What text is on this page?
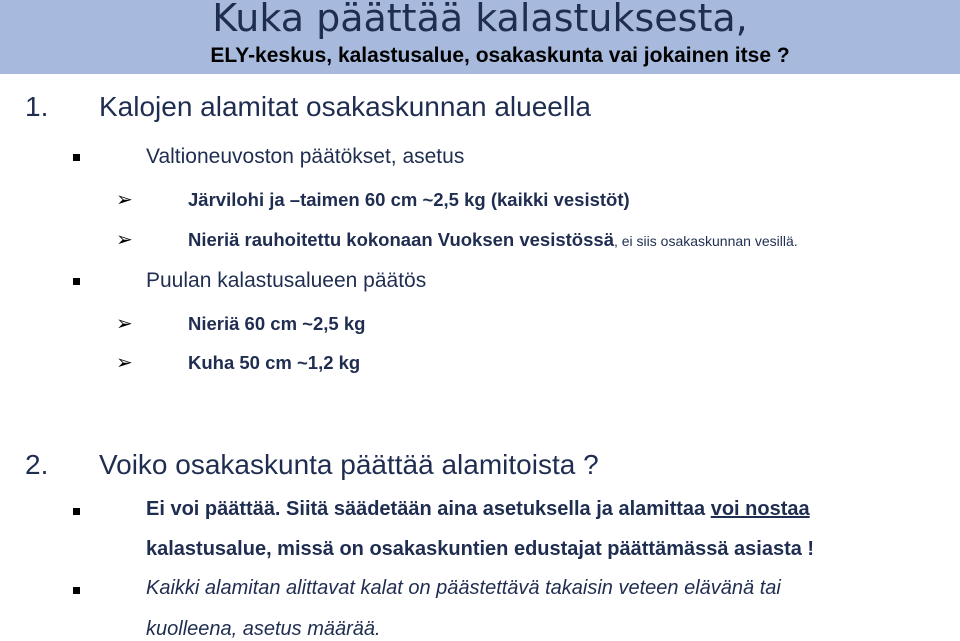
Kuka päättää kalastuksesta,
ELY-keskus, kalastusalue, osakaskunta vai jokainen itse ?
1. Kalojen alamitat osakaskunnan alueella
Valtioneuvoston päätökset, asetus
➢	Järvilohi ja –taimen 60 cm ~2,5 kg (kaikki vesistöt)
➢	Nieriä rauhoitettu kokonaan Vuoksen vesistössä, ei siis osakaskunnan vesillä.
Puulan kalastusalueen päätös
➢	Nieriä 60 cm ~2,5 kg
➢	Kuha 50 cm ~1,2 kg
2. Voiko osakaskunta päättää alamitoista ?
Ei voi päättää. Siitä säädetään aina asetuksella ja alamittaa voi nostaa
kalastusalue, missä on osakaskuntien edustajat päättämässä asiasta !
Kaikki alamitan alittavat kalat on päästettävä takaisin veteen elävänä tai
kuolleena, asetus määrää.
